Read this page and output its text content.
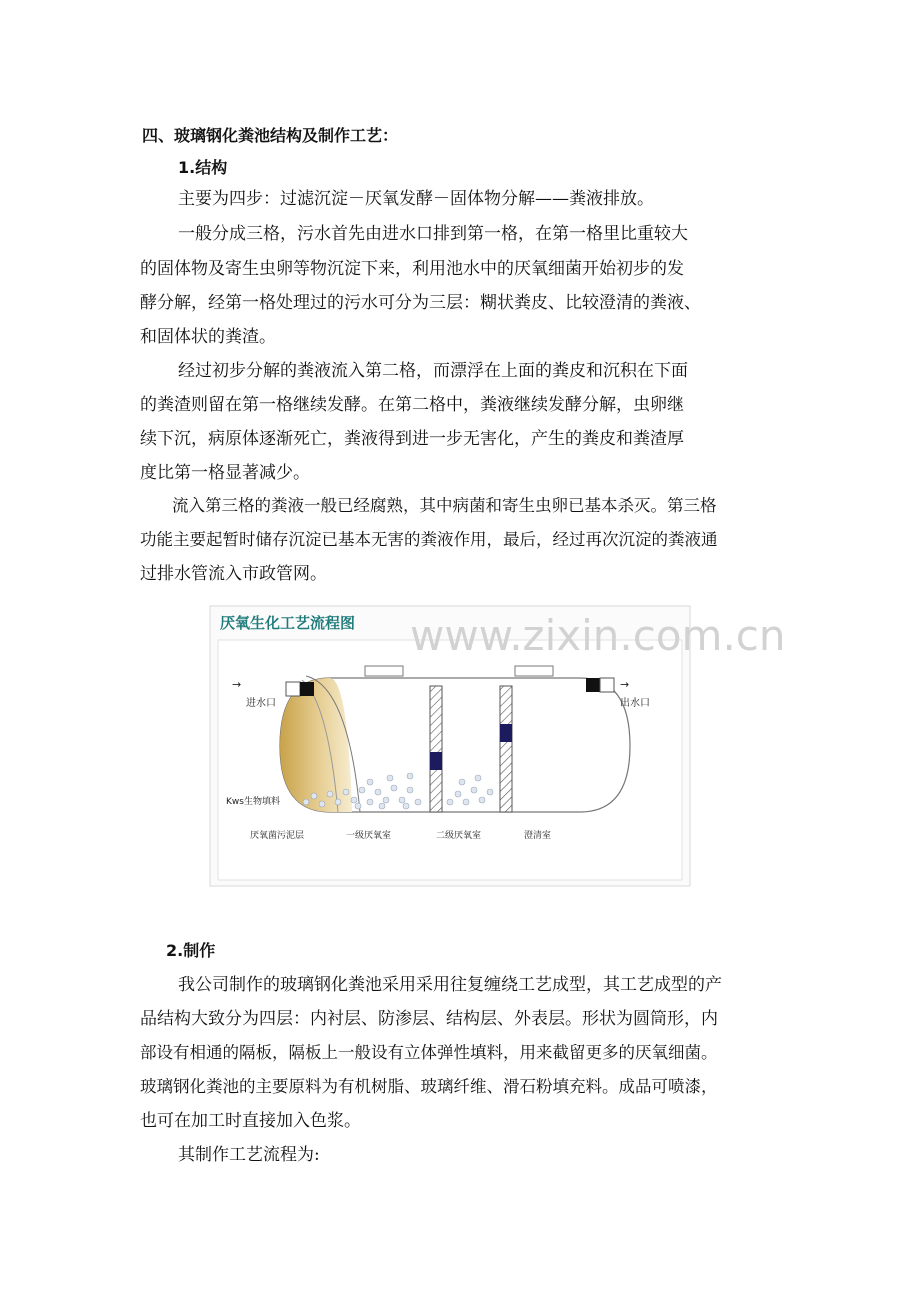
四、玻璃钢化粪池结构及制作工艺：
1.结构
主要为四步：过滤沉淀－厌氧发酵－固体物分解——粪液排放。
一般分成三格，污水首先由进水口排到第一格，在第一格里比重较大
的固体物及寄生虫卵等物沉淀下来，利用池水中的厌氧细菌开始初步的发
酵分解，经第一格处理过的污水可分为三层：糊状粪皮、比较澄清的粪液、
和固体状的粪渣。
经过初步分解的粪液流入第二格，而漂浮在上面的粪皮和沉积在下面
的粪渣则留在第一格继续发酵。在第二格中，粪液继续发酵分解，虫卵继
续下沉，病原体逐渐死亡，粪液得到进一步无害化，产生的粪皮和粪渣厚
度比第一格显著减少。
流入第三格的粪液一般已经腐熟，其中病菌和寄生虫卵已基本杀灭。第三格
功能主要起暂时储存沉淀已基本无害的粪液作用，最后，经过再次沉淀的粪液通
过排水管流入市政管网。
厌氧生化工艺流程图 www.zixin.com.cn
→	→
进水口	出水口
Kws生物填料
厌氧菌污泥层	一级厌氧室	二级厌氧室	澄清室
2.制作
我公司制作的玻璃钢化粪池采用采用往复缠绕工艺成型，其工艺成型的产
品结构大致分为四层：内衬层、防渗层、结构层、外表层。形状为圆筒形，内
部设有相通的隔板，隔板上一般设有立体弹性填料，用来截留更多的厌氧细菌。
玻璃钢化粪池的主要原料为有机树脂、玻璃纤维、滑石粉填充料。成品可喷漆，
也可在加工时直接加入色浆。
其制作工艺流程为:
